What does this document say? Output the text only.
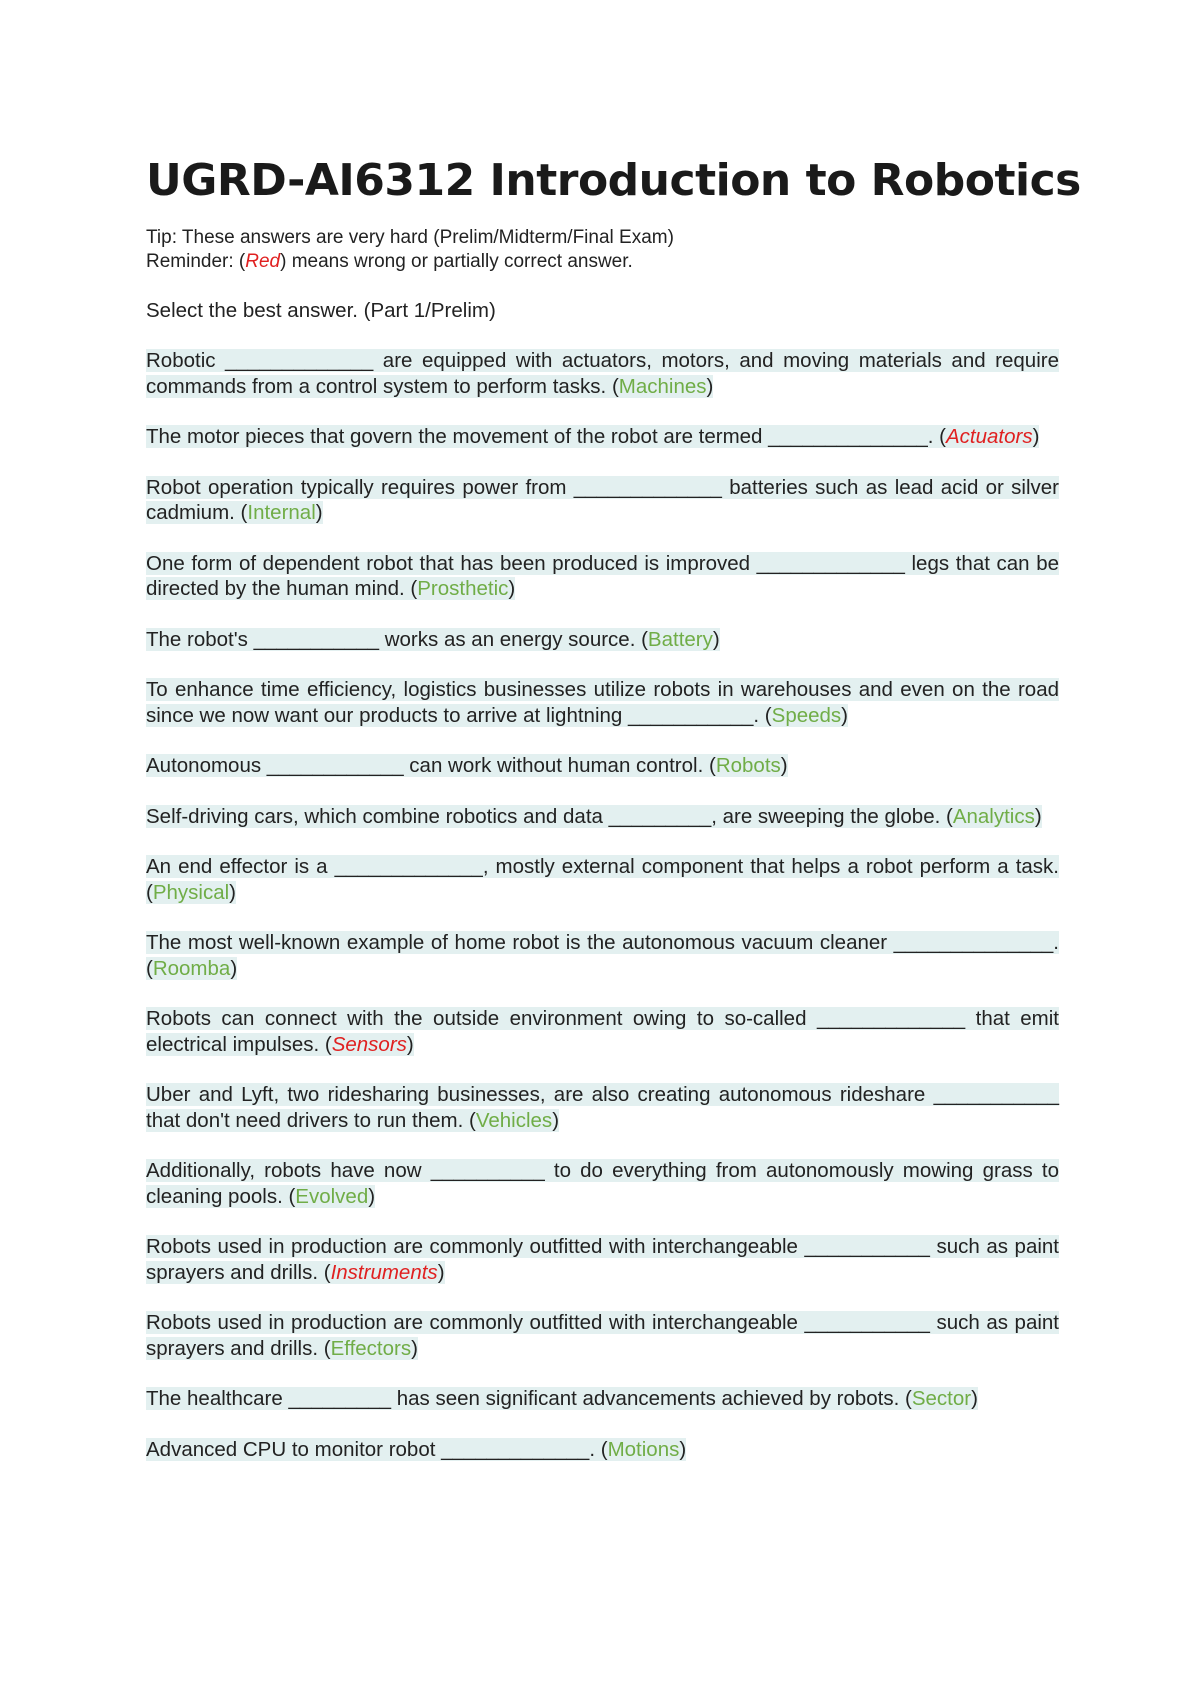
UGRD-AI6312 Introduction to Robotics
Tip: These answers are very hard (Prelim/Midterm/Final Exam)
Reminder: (Red) means wrong or partially correct answer.
Select the best answer. (Part 1/Prelim)
Robotic _____________ are equipped with actuators, motors, and moving materials and require commands from a control system to perform tasks. (Machines)
The motor pieces that govern the movement of the robot are termed ______________. (Actuators)
Robot operation typically requires power from _____________ batteries such as lead acid or silver cadmium. (Internal)
One form of dependent robot that has been produced is improved _____________ legs that can be directed by the human mind. (Prosthetic)
The robot's ___________ works as an energy source. (Battery)
To enhance time efficiency, logistics businesses utilize robots in warehouses and even on the road since we now want our products to arrive at lightning ___________. (Speeds)
Autonomous ____________ can work without human control. (Robots)
Self-driving cars, which combine robotics and data _________, are sweeping the globe. (Analytics)
An end effector is a _____________, mostly external component that helps a robot perform a task. (Physical)
The most well-known example of home robot is the autonomous vacuum cleaner ______________. (Roomba)
Robots can connect with the outside environment owing to so-called _____________ that emit electrical impulses. (Sensors)
Uber and Lyft, two ridesharing businesses, are also creating autonomous rideshare ___________ that don't need drivers to run them. (Vehicles)
Additionally, robots have now __________ to do everything from autonomously mowing grass to cleaning pools. (Evolved)
Robots used in production are commonly outfitted with interchangeable ___________ such as paint sprayers and drills. (Instruments)
Robots used in production are commonly outfitted with interchangeable ___________ such as paint sprayers and drills. (Effectors)
The healthcare _________ has seen significant advancements achieved by robots. (Sector)
Advanced CPU to monitor robot _____________. (Motions)
